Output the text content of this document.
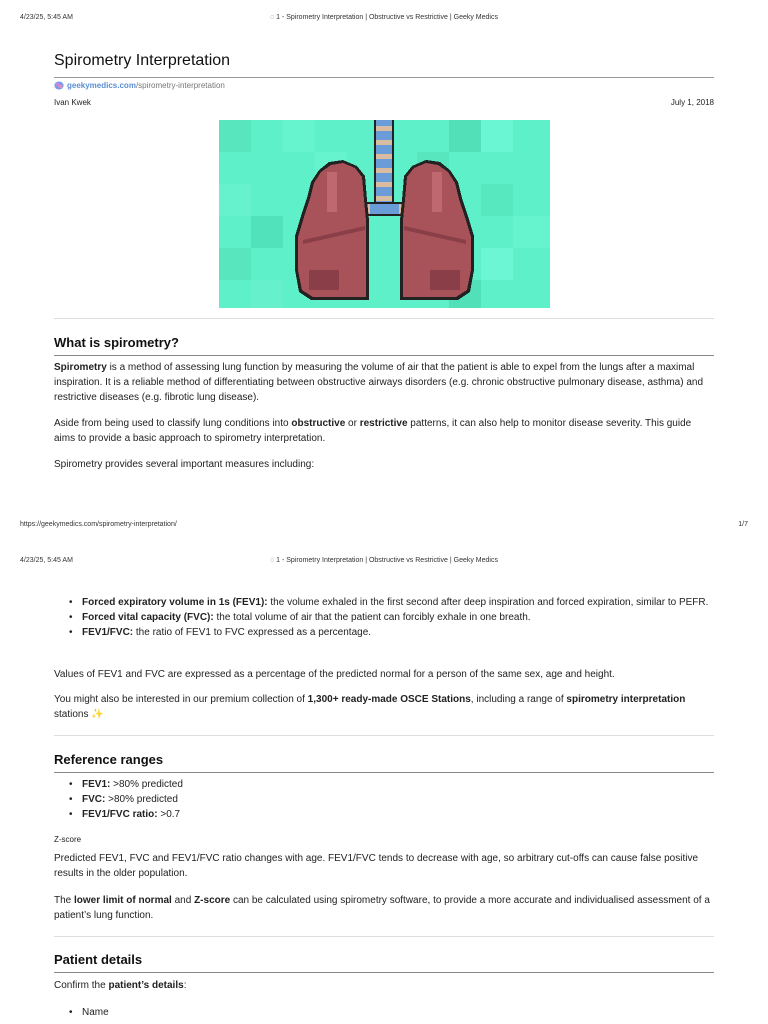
4/23/25, 5:45 AM	◌ 1 - Spirometry Interpretation | Obstructive vs Restrictive | Geeky Medics
Spirometry Interpretation
geekymedics.com/spirometry-interpretation
Ivan Kwek	July 1, 2018
What is spirometry?

Spirometry is a method of assessing lung function by measuring the volume of air that the patient is able to expel from the lungs after a maximal inspiration. It is a reliable method of differentiating between obstructive airways disorders (e.g. chronic obstructive pulmonary disease, asthma) and restrictive diseases (e.g. fibrotic lung disease).

Aside from being used to classify lung conditions into obstructive or restrictive patterns, it can also help to monitor disease severity. This guide aims to provide a basic approach to spirometry interpretation.

Spirometry provides several important measures including:

https://geekymedics.com/spirometry-interpretation/	1/7
4/23/25, 5:45 AM	◌ 1 - Spirometry Interpretation | Obstructive vs Restrictive | Geeky Medics
• Forced expiratory volume in 1s (FEV1): the volume exhaled in the first second after deep inspiration and forced expiration, similar to PEFR.
• Forced vital capacity (FVC): the total volume of air that the patient can forcibly exhale in one breath.
• FEV1/FVC: the ratio of FEV1 to FVC expressed as a percentage.

Values of FEV1 and FVC are expressed as a percentage of the predicted normal for a person of the same sex, age and height.

You might also be interested in our premium collection of 1,300+ ready-made OSCE Stations, including a range of spirometry interpretation stations ✨

Reference ranges
• FEV1: >80% predicted
• FVC: >80% predicted
• FEV1/FVC ratio: >0.7
Z-score

Predicted FEV1, FVC and FEV1/FVC ratio changes with age. FEV1/FVC tends to decrease with age, so arbitrary cut-offs can cause false positive results in the older population.

The lower limit of normal and Z-score can be calculated using spirometry software, to provide a more accurate and individualised assessment of a patient’s lung function.

Patient details

Confirm the patient’s details:

• Name
